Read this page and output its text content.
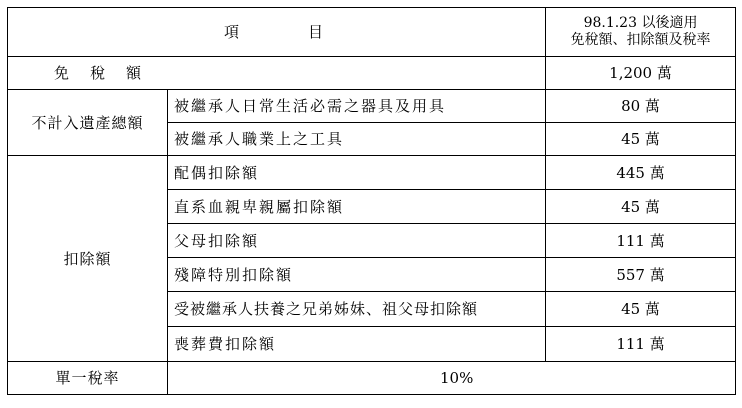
項　　　目		98.1.23 以後適用
免稅額、扣除額及稅率

免　稅　額		1,200 萬
不計入遺產總額	被繼承人日常生活必需之器具及用具	80 萬
	被繼承人職業上之工具	45 萬
扣除額	配偶扣除額	445 萬
	直系血親卑親屬扣除額	45 萬
	父母扣除額	111 萬
	殘障特別扣除額	557 萬
	受被繼承人扶養之兄弟姊妹、祖父母扣除額	45 萬
	喪葬費扣除額	111 萬
單一稅率	10%	
